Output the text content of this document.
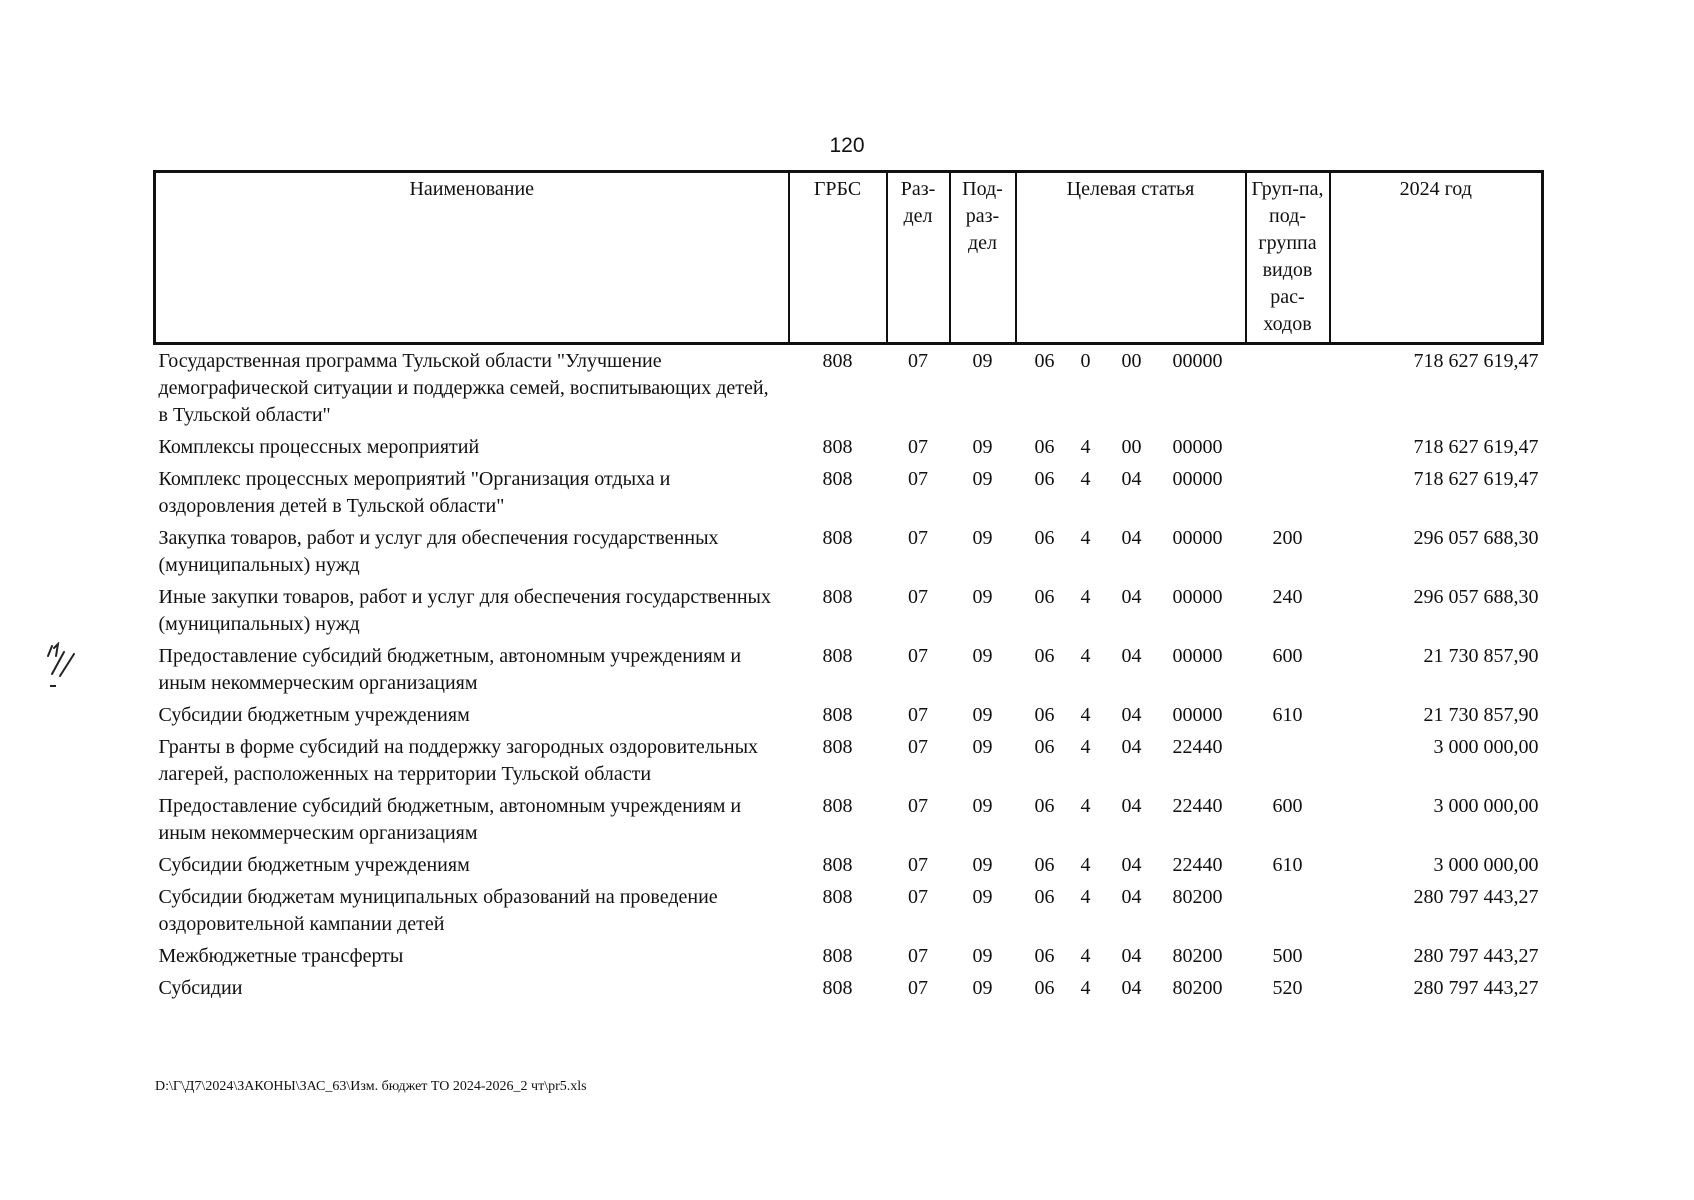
120
Наименование	ГРБС	Раз-дел	Под-раз-дел	Целевая статья	Груп-па, под-группа видов рас-ходов	2024 год
Государственная программа Тульской области "Улучшение демографической ситуации и поддержка семей, воспитывающих детей, в Тульской области"	808	07	09	06 0 00 00000		718 627 619,47
Комплексы процессных мероприятий	808	07	09	06 4 00 00000		718 627 619,47
Комплекс процессных мероприятий "Организация отдыха и оздоровления детей в Тульской области"	808	07	09	06 4 04 00000		718 627 619,47
Закупка товаров, работ и услуг для обеспечения государственных (муниципальных) нужд	808	07	09	06 4 04 00000	200	296 057 688,30
Иные закупки товаров, работ и услуг для обеспечения государственных (муниципальных) нужд	808	07	09	06 4 04 00000	240	296 057 688,30
Предоставление субсидий бюджетным, автономным учреждениям и иным некоммерческим организациям	808	07	09	06 4 04 00000	600	21 730 857,90
Субсидии бюджетным учреждениям	808	07	09	06 4 04 00000	610	21 730 857,90
Гранты в форме субсидий на поддержку загородных оздоровительных лагерей, расположенных на территории Тульской области	808	07	09	06 4 04 22440		3 000 000,00
Предоставление субсидий бюджетным, автономным учреждениям и иным некоммерческим организациям	808	07	09	06 4 04 22440	600	3 000 000,00
Субсидии бюджетным учреждениям	808	07	09	06 4 04 22440	610	3 000 000,00
Субсидии бюджетам муниципальных образований на проведение оздоровительной кампании детей	808	07	09	06 4 04 80200		280 797 443,27
Межбюджетные трансферты	808	07	09	06 4 04 80200	500	280 797 443,27
Субсидии	808	07	09	06 4 04 80200	520	280 797 443,27
D:\Г\Д7\2024\ЗАКОНЫ\ЗАС_63\Изм. бюджет ТО 2024-2026_2 чт\pr5.xls
